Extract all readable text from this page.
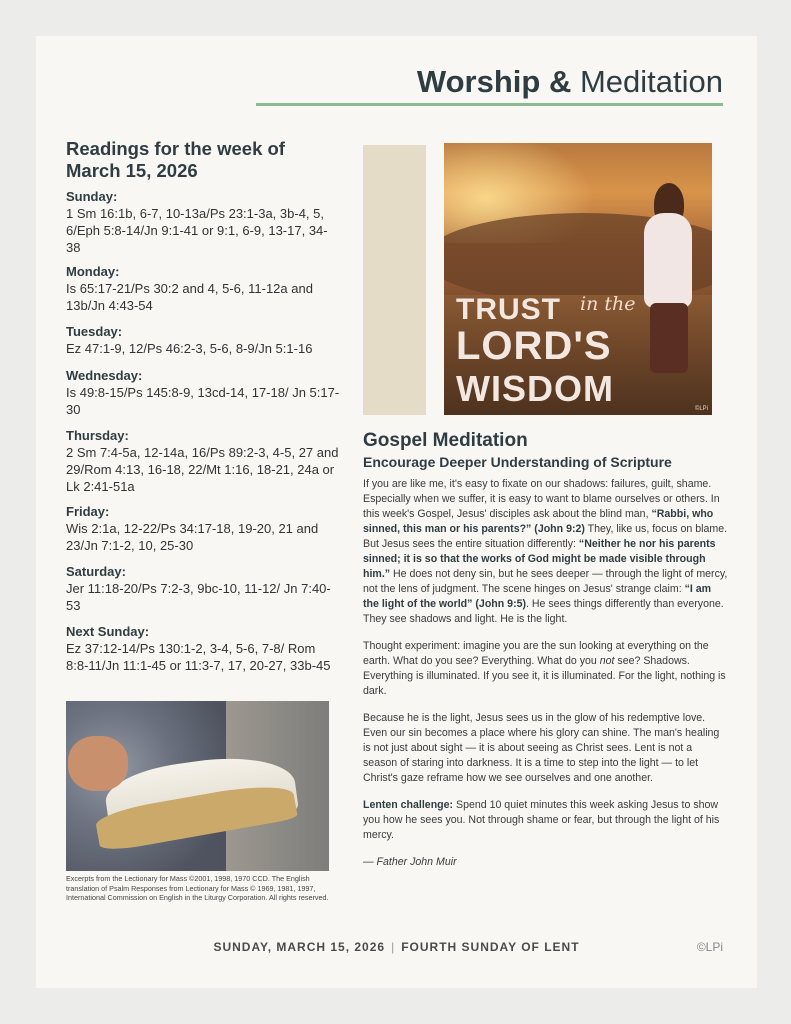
Worship & Meditation
Readings for the week of March 15, 2026
Sunday:
1 Sm 16:1b, 6-7, 10-13a/Ps 23:1-3a, 3b-4, 5, 6/Eph 5:8-14/Jn 9:1-41 or 9:1, 6-9, 13-17, 34-38
Monday:
Is 65:17-21/Ps 30:2 and 4, 5-6, 11-12a and 13b/Jn 4:43-54
Tuesday:
Ez 47:1-9, 12/Ps 46:2-3, 5-6, 8-9/Jn 5:1-16
Wednesday:
Is 49:8-15/Ps 145:8-9, 13cd-14, 17-18/ Jn 5:17-30
Thursday:
2 Sm 7:4-5a, 12-14a, 16/Ps 89:2-3, 4-5, 27 and 29/Rom 4:13, 16-18, 22/Mt 1:16, 18-21, 24a or Lk 2:41-51a
Friday:
Wis 2:1a, 12-22/Ps 34:17-18, 19-20, 21 and 23/Jn 7:1-2, 10, 25-30
Saturday:
Jer 11:18-20/Ps 7:2-3, 9bc-10, 11-12/ Jn 7:40-53
Next Sunday:
Ez 37:12-14/Ps 130:1-2, 3-4, 5-6, 7-8/ Rom 8:8-11/Jn 11:1-45 or 11:3-7, 17, 20-27, 33b-45
TRUST in the
LORD'S
WISDOM	©LPi
Gospel Meditation
Encourage Deeper Understanding of Scripture

If you are like me, it's easy to fixate on our shadows: failures, guilt, shame. Especially when we suffer, it is easy to want to blame ourselves or others. In this week's Gospel, Jesus' disciples ask about the blind man, “Rabbi, who sinned, this man or his parents?” (John 9:2) They, like us, focus on blame. But Jesus sees the entire situation differently: “Neither he nor his parents sinned; it is so that the works of God might be made visible through him.” He does not deny sin, but he sees deeper — through the light of mercy, not the lens of judgment. The scene hinges on Jesus' strange claim: “I am the light of the world” (John 9:5). He sees things differently than everyone. They see shadows and light. He is the light.

Thought experiment: imagine you are the sun looking at everything on the earth. What do you see? Everything. What do you not see? Shadows. Everything is illuminated. If you see it, it is illuminated. For the light, nothing is dark.

Because he is the light, Jesus sees us in the glow of his redemptive love. Even our sin becomes a place where his glory can shine. The man's healing is not just about sight — it is about seeing as Christ sees. Lent is not a season of staring into darkness. It is a time to step into the light — to let Christ's gaze reframe how we see ourselves and one another.

Lenten challenge: Spend 10 quiet minutes this week asking Jesus to show you how he sees you. Not through shame or fear, but through the light of his mercy.

— Father John Muir

Excerpts from the Lectionary for Mass ©2001, 1998, 1970 CCD. The English translation of Psalm Responses from Lectionary for Mass © 1969, 1981, 1997, International Commission on English in the Liturgy Corporation. All rights reserved.
SUNDAY, MARCH 15, 2026 | FOURTH SUNDAY OF LENT	©LPi
